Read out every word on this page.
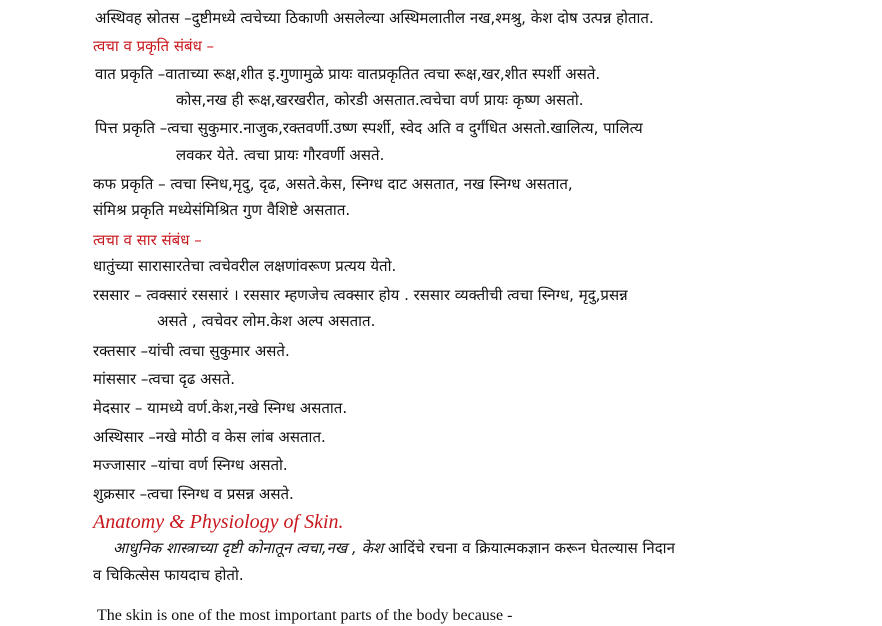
अस्थिवह स्रोतस –दुष्टीमध्ये त्वचेच्या ठिकाणी असलेल्या अस्थिमलातील नख,श्मश्रु, केश दोष उत्पन्न होतात.
त्वचा व प्रकृति संबंध –
वात प्रकृति –वाताच्या रूक्ष,शीत इ.गुणामुळे प्रायः वातप्रकृतित त्वचा रूक्ष,खर,शीत स्पर्शी असते.
कोस,नख ही रूक्ष,खरखरीत, कोरडी असतात.त्वचेचा वर्ण प्रायः कृष्ण असतो.
पित्त प्रकृति –त्वचा सुकुमार.नाजुक,रक्तवर्णी.उष्ण स्पर्शी, स्वेद अति व दुर्गंधित असतो.खालित्य, पालित्य
लवकर येते. त्वचा प्रायः गौरवर्णी असते.
कफ प्रकृति – त्वचा स्निध,मृदु, दृढ, असते.केस, स्निग्ध दाट असतात, नख स्निग्ध असतात,
संमिश्र प्रकृति मध्येसंमिश्रित गुण वैशिष्टे असतात.
त्वचा व सार संबंध –
धातुंच्या सारासारतेचा त्वचेवरील लक्षणांवरूण प्रत्यय येतो.
रससार – त्वक्सारं रससारं । रससार म्हणजेच त्वक्सार होय . रससार व्यक्तीची त्वचा स्निग्ध, मृदु,प्रसन्न
असते , त्वचेवर लोम.केश अल्प असतात.
रक्तसार –यांची त्वचा सुकुमार असते.
मांससार –त्वचा दृढ असते.
मेदसार – यामध्ये वर्ण.केश,नखे स्निग्ध असतात.
अस्थिसार –नखे मोठी व केस लांब असतात.
मज्जासार –यांचा वर्ण स्निग्ध असतो.
शुक्रसार –त्वचा स्निग्ध व प्रसन्न असते.
Anatomy & Physiology of Skin.
आधुनिक शास्त्राच्या दृष्टी कोनातून त्वचा,नख , केश आदिंचे रचना व क्रियात्मकज्ञान करून घेतल्यास निदान
व चिकित्सेस फायदाच होतो.
The skin is one of the most important parts of the body because -
